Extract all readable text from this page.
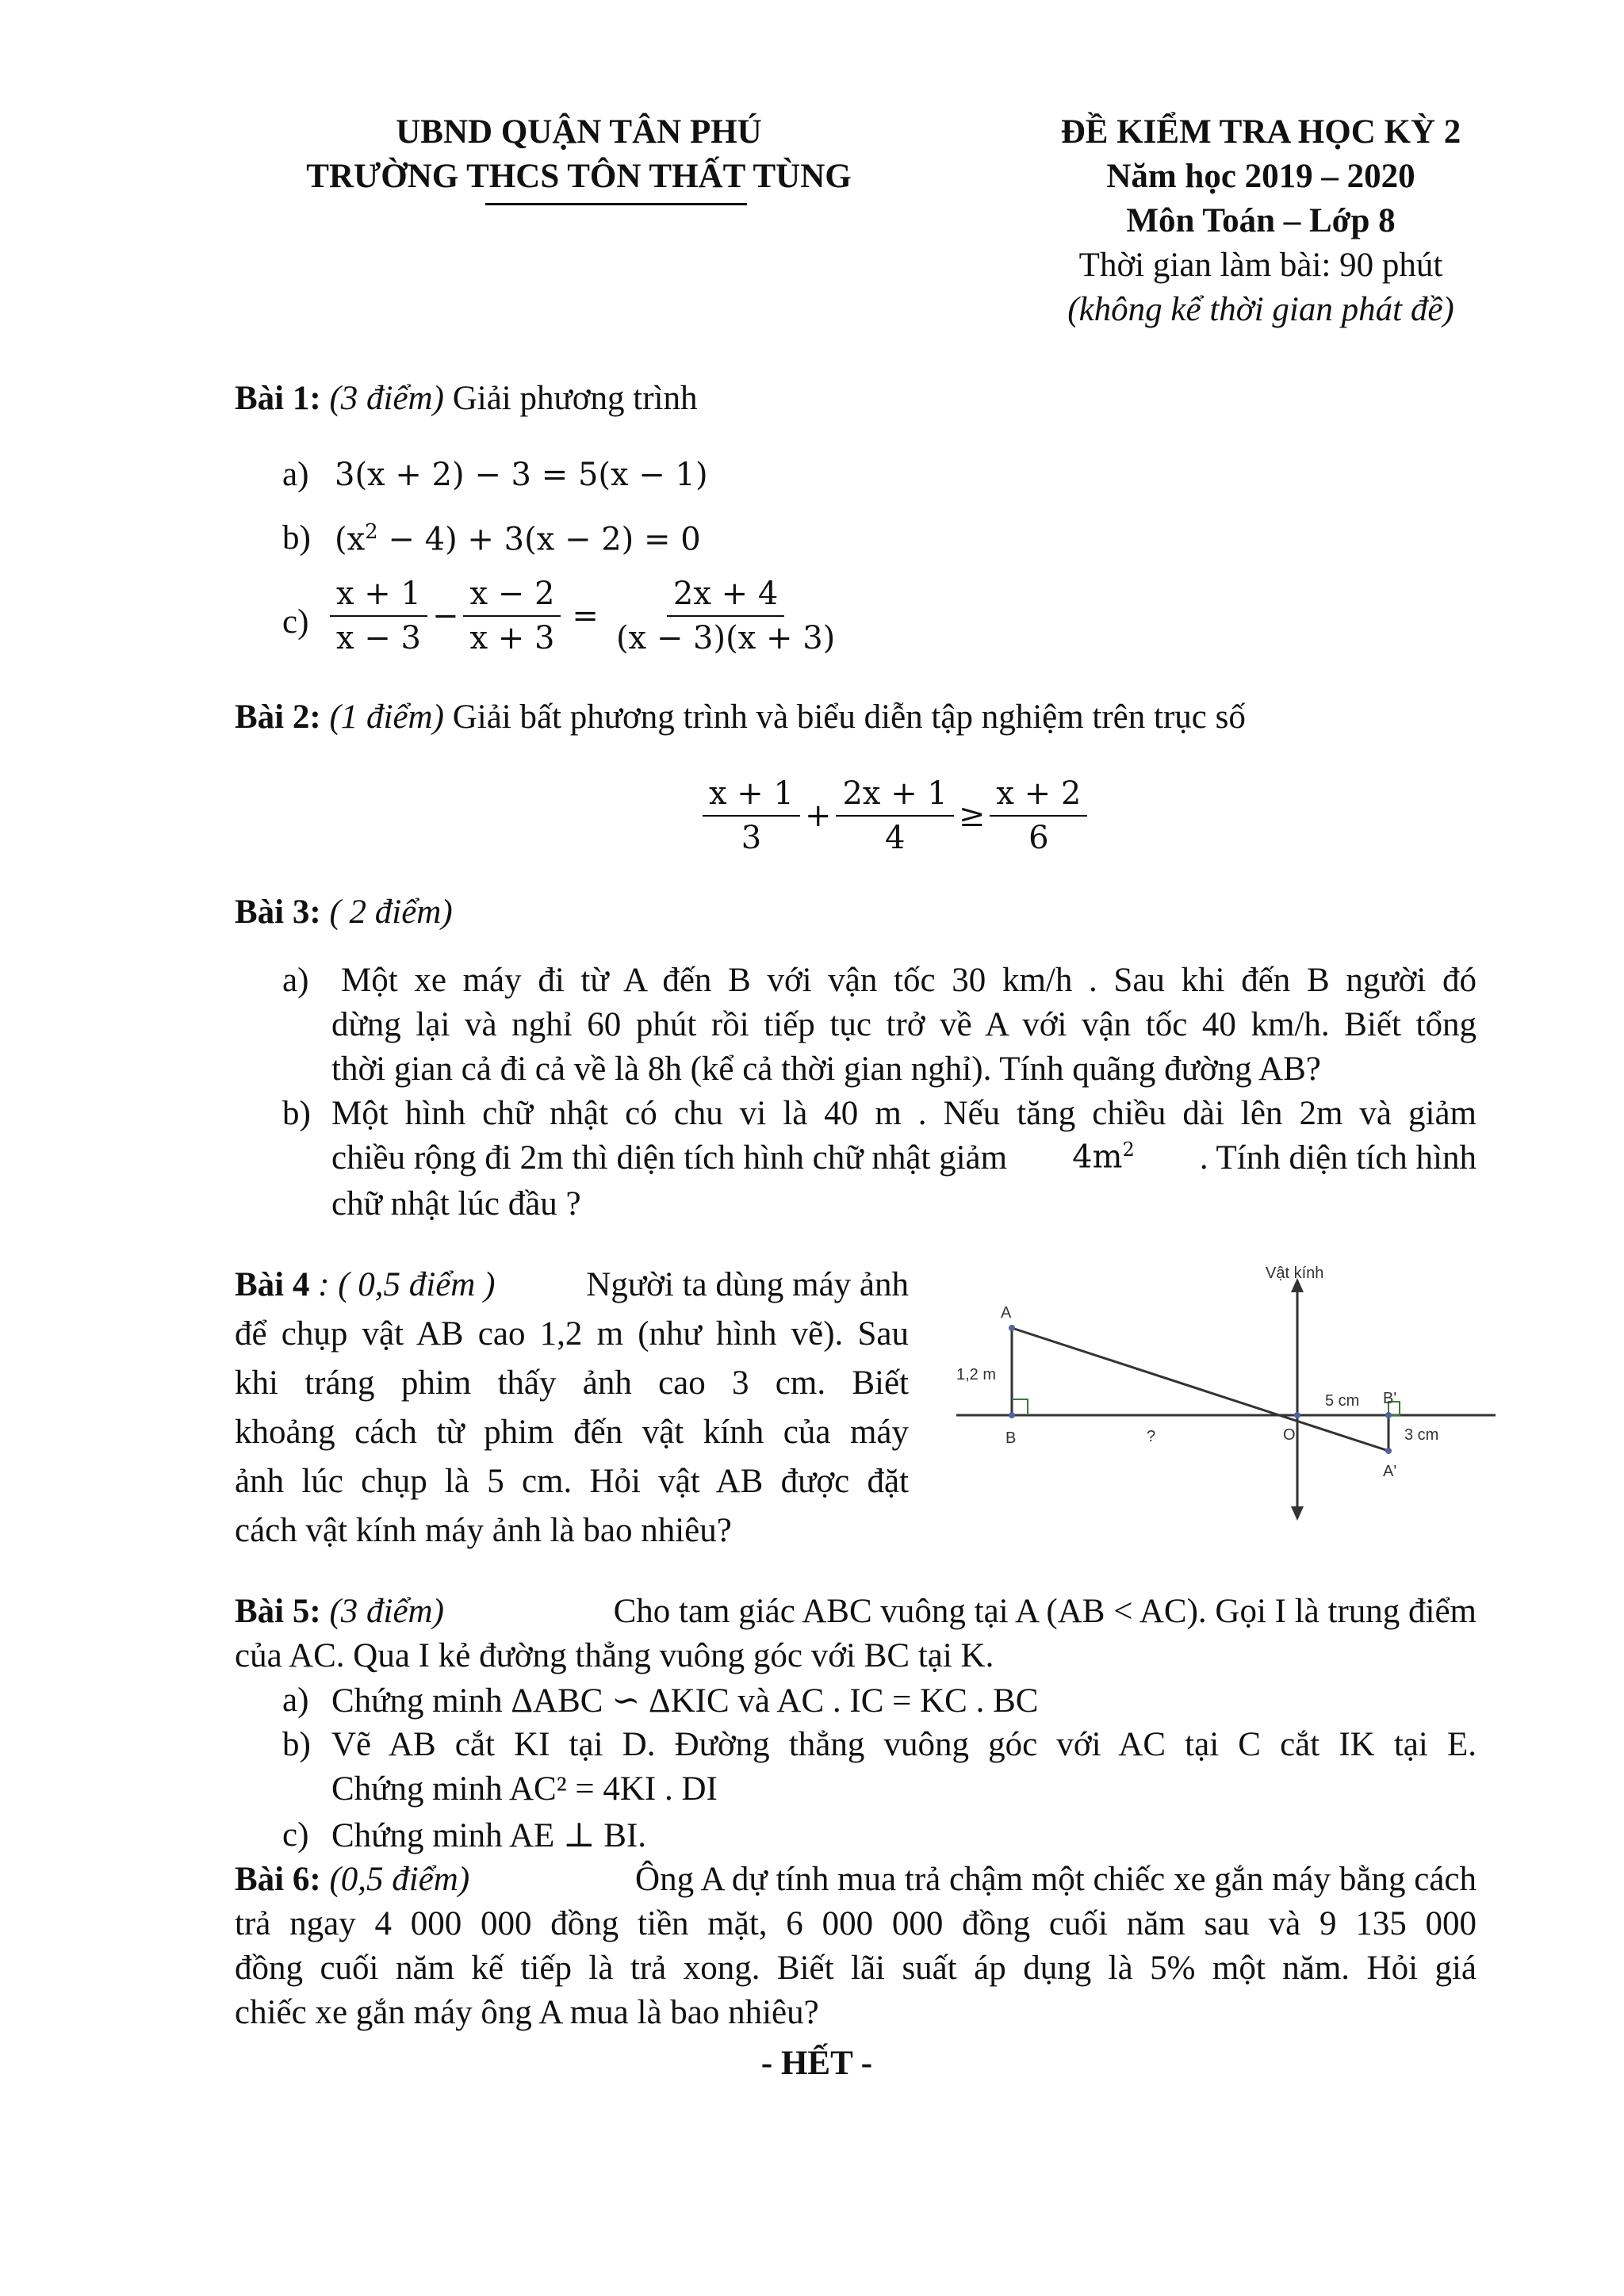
UBND QUẬN TÂN PHÚ
TRƯỜNG THCS TÔN THẤT TÙNG
ĐỀ KIỂM TRA HỌC KỲ 2
Năm học 2019 – 2020
Môn Toán – Lớp 8
Thời gian làm bài: 90 phút
(không kể thời gian phát đề)
Bài 1: (3 điểm) Giải phương trình
a) 3(x + 2) − 3 = 5(x − 1)
b) $(x^2 - 4) + 3(x - 2) = 0$
$c) \frac{x + 1}{x - 3} - \frac{x - 2}{x + 3} = \frac{2x + 4}{(x - 3)(x + 3)}$
Bài 2: (1 điểm) Giải bất phương trình và biểu diễn tập nghiệm trên trục số
$\frac{x + 1}{3} + \frac{2x + 1}{4} \ge \frac{x + 2}{6}$
Bài 3: ( 2 điểm)
a) Một xe máy đi từ A đến B với vận tốc 30 km/h . Sau khi đến B người đó
dừng lại và nghỉ 60 phút rồi tiếp tục trở về A với vận tốc 40 km/h. Biết tổng
thời gian cả đi cả về là 8h (kể cả thời gian nghỉ). Tính quãng đường AB?
b) Một hình chữ nhật có chu vi là 40 m . Nếu tăng chiều dài lên 2m và giảm
chiều rộng đi 2m thì diện tích hình chữ nhật giảm $4m^2$ . Tính diện tích hình
chữ nhật lúc đầu ?
Bài 4 : ( 0,5 điểm )	Người ta dùng máy ảnh
để chụp vật AB cao 1,2 m (như hình vẽ). Sau
khi tráng phim thấy ảnh cao 3 cm. Biết
khoảng cách từ phim đến vật kính của máy
ảnh lúc chụp là 5 cm. Hỏi vật AB được đặt
cách vật kính máy ảnh là bao nhiêu?
Vật kính
A
B
1,2 m
?	O
5 cm B'
3 cm
A'
Bài 5: (3 điểm)	Cho tam giác ABC vuông tại A (AB < AC). Gọi I là trung điểm
của AC. Qua I kẻ đường thẳng vuông góc với BC tại K.
a) Chứng minh ΔABC ∽ ΔKIC và AC . IC = KC . BC
b) Vẽ AB cắt KI tại D. Đường thẳng vuông góc với AC tại C cắt IK tại E.
Chứng minh AC² = 4KI . DI
c) Chứng minh AE ⊥ BI.
Bài 6: (0,5 điểm)	Ông A dự tính mua trả chậm một chiếc xe gắn máy bằng cách
trả ngay 4 000 000 đồng tiền mặt, 6 000 000 đồng cuối năm sau và 9 135 000
đồng cuối năm kế tiếp là trả xong. Biết lãi suất áp dụng là 5% một năm. Hỏi giá
chiếc xe gắn máy ông A mua là bao nhiêu?
- HẾT -
